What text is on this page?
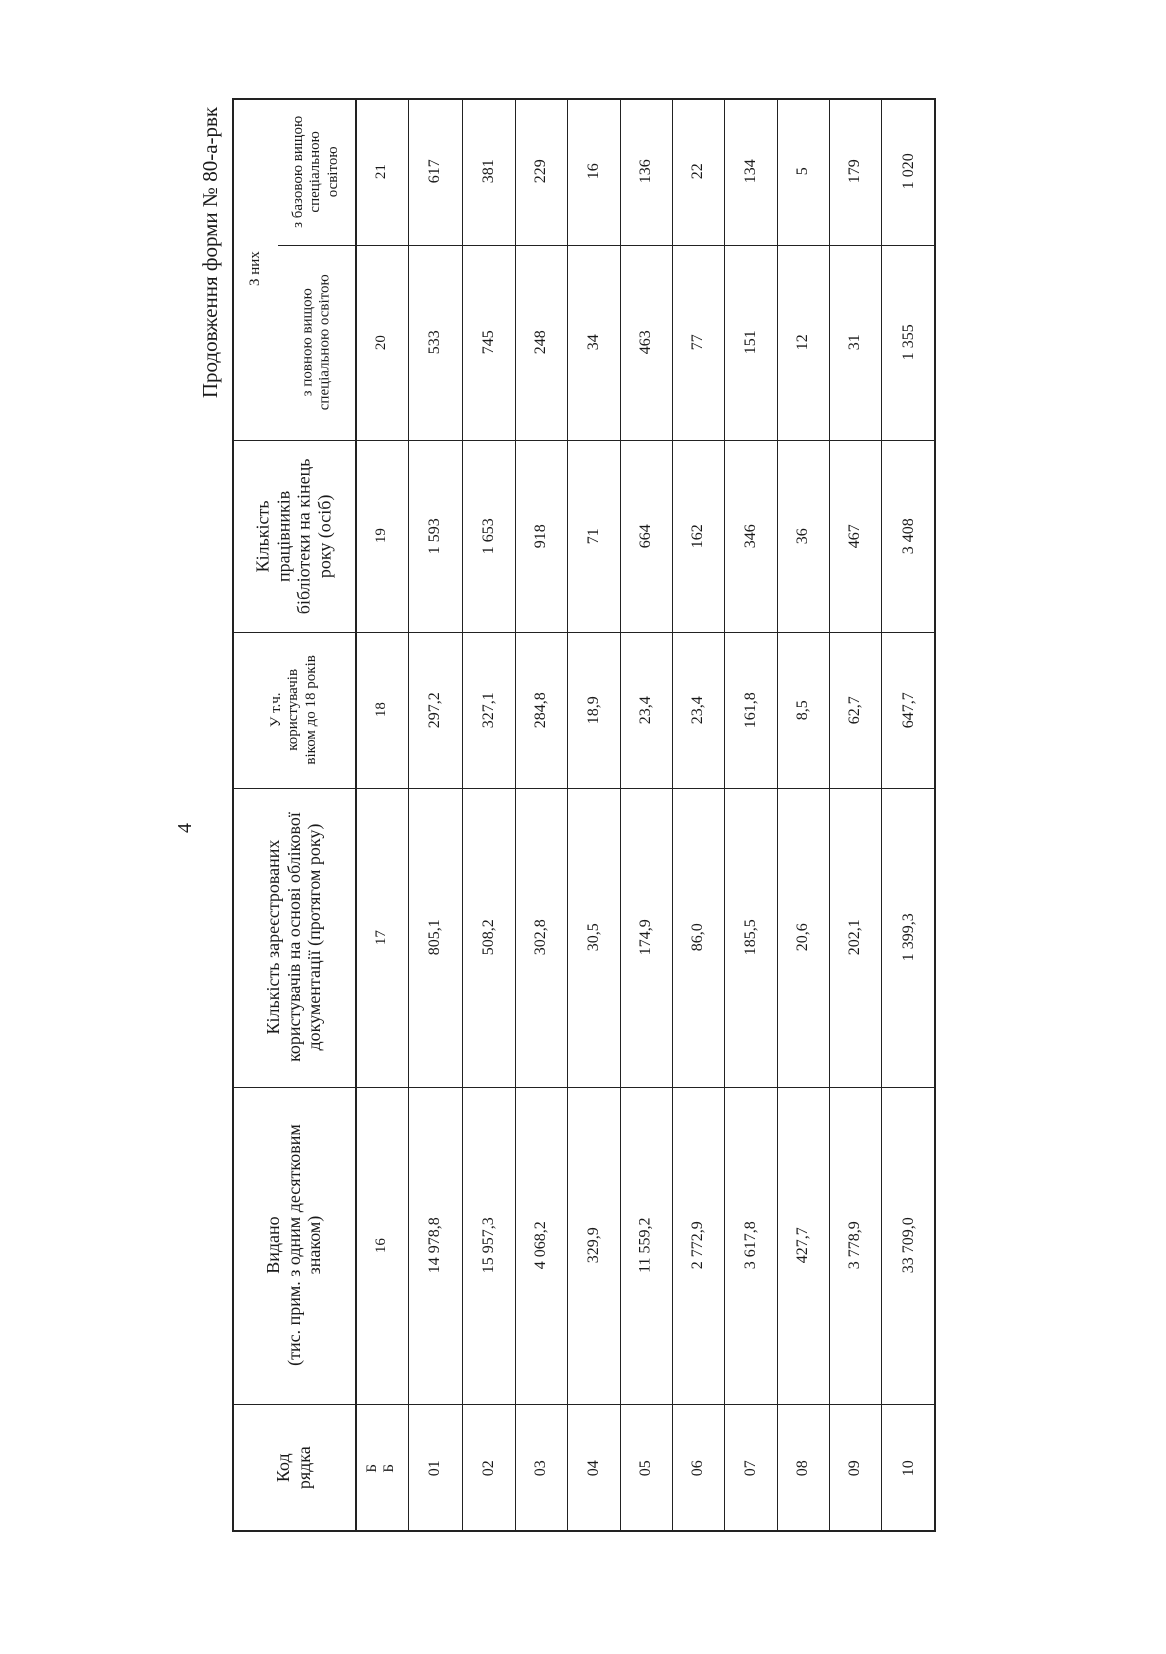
4
Продовження форми № 80-а-рвк
Код
рядка
Видано
(тис. прим. з одним десятковим
знаком)
Кількість зареєстрованих
користувачів на основі облікової
документації (протягом року)
У т.ч.
користувачів
віком до 18 років
Кількість
працівників
бібліотеки на кінець
року (осіб)
З них
з повною вищою
спеціальною освітою
з базовою вищою
спеціальною
освітою
Б
Б
16
17
18
19
20
21
01
14 978,8
805,1
297,2
1 593
533
617
02
15 957,3
508,2
327,1
1 653
745
381
03
4 068,2
302,8
284,8
918
248
229
04
329,9
30,5
18,9
71
34
16
05
11 559,2
174,9
23,4
664
463
136
06
2 772,9
86,0
23,4
162
77
22
07
3 617,8
185,5
161,8
346
151
134
08
427,7
20,6
8,5
36
12
5
09
3 778,9
202,1
62,7
467
31
179
10
33 709,0
1 399,3
647,7
3 408
1 355
1 020
